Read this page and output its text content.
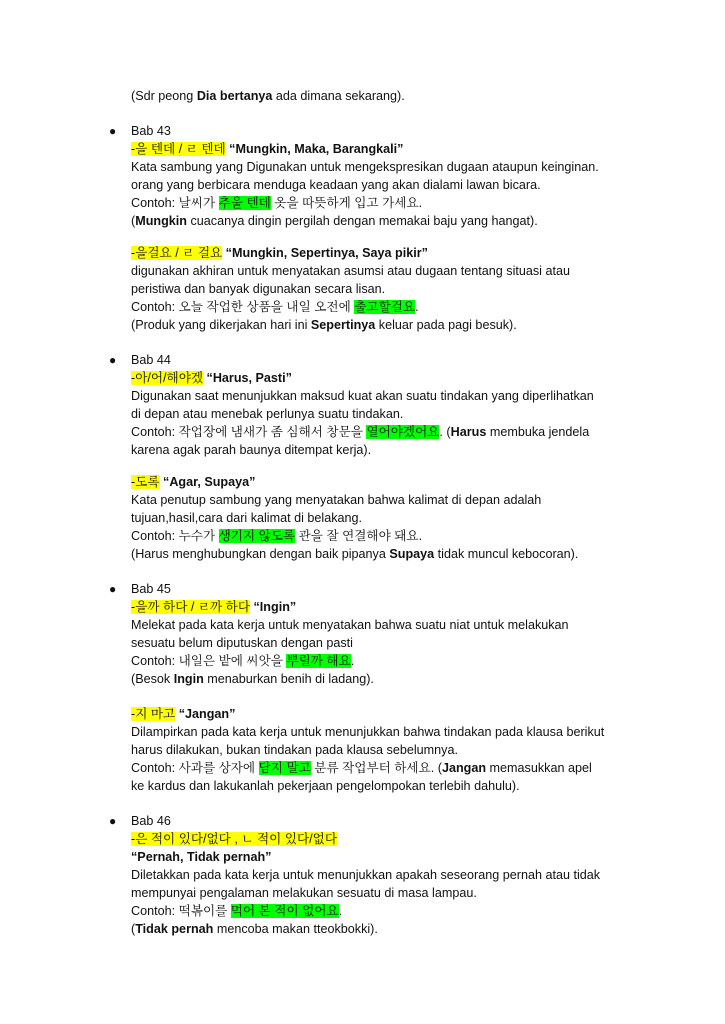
(Sdr peong Dia bertanya ada dimana sekarang).
● Bab 43
-을 텐데 / ㄹ 텐데 “Mungkin, Maka, Barangkali”
Kata sambung yang Digunakan untuk mengekspresikan dugaan ataupun keinginan.
orang yang berbicara menduga keadaan yang akan dialami lawan bicara.
Contoh: 날씨가 추울 텐데 옷을 따뜻하게 입고 가세요.
(Mungkin cuacanya dingin pergilah dengan memakai baju yang hangat).
-을걸요 / ㄹ 걸요 “Mungkin, Sepertinya, Saya pikir”
digunakan akhiran untuk menyatakan asumsi atau dugaan tentang situasi atau
peristiwa dan banyak digunakan secara lisan.
Contoh: 오늘 작업한 상품을 내일 오전에 출고할걸요.
(Produk yang dikerjakan hari ini Sepertinya keluar pada pagi besuk).
● Bab 44
-아/어/해야겠 “Harus, Pasti”
Digunakan saat menunjukkan maksud kuat akan suatu tindakan yang diperlihatkan
di depan atau menebak perlunya suatu tindakan.
Contoh: 작업장에 냄새가 좀 심해서 창문을 열어야겠어요. (Harus membuka jendela
karena agak parah baunya ditempat kerja).
-도록 “Agar, Supaya”
Kata penutup sambung yang menyatakan bahwa kalimat di depan adalah
tujuan,hasil,cara dari kalimat di belakang.
Contoh: 누수가 생기지 않도록 관을 잘 연결해야 돼요.
(Harus menghubungkan dengan baik pipanya Supaya tidak muncul kebocoran).
● Bab 45
-을까 하다 / ㄹ까 하다 “Ingin”
Melekat pada kata kerja untuk menyatakan bahwa suatu niat untuk melakukan
sesuatu belum diputuskan dengan pasti
Contoh: 내일은 밭에 씨앗을 뿌릴까 해요.
(Besok Ingin menaburkan benih di ladang).
-지 마고 “Jangan”
Dilampirkan pada kata kerja untuk menunjukkan bahwa tindakan pada klausa berikut
harus dilakukan, bukan tindakan pada klausa sebelumnya.
Contoh: 사과를 상자에 담지 말고 분류 작업부터 하세요. (Jangan memasukkan apel
ke kardus dan lakukanlah pekerjaan pengelompokan terlebih dahulu).
● Bab 46
-은 적이 있다/없다 , ㄴ 적이 있다/없다
“Pernah, Tidak pernah”
Diletakkan pada kata kerja untuk menunjukkan apakah seseorang pernah atau tidak
mempunyai pengalaman melakukan sesuatu di masa lampau.
Contoh: 떡볶이를 먹어 본 적이 없어요.
(Tidak pernah mencoba makan tteokbokki).
